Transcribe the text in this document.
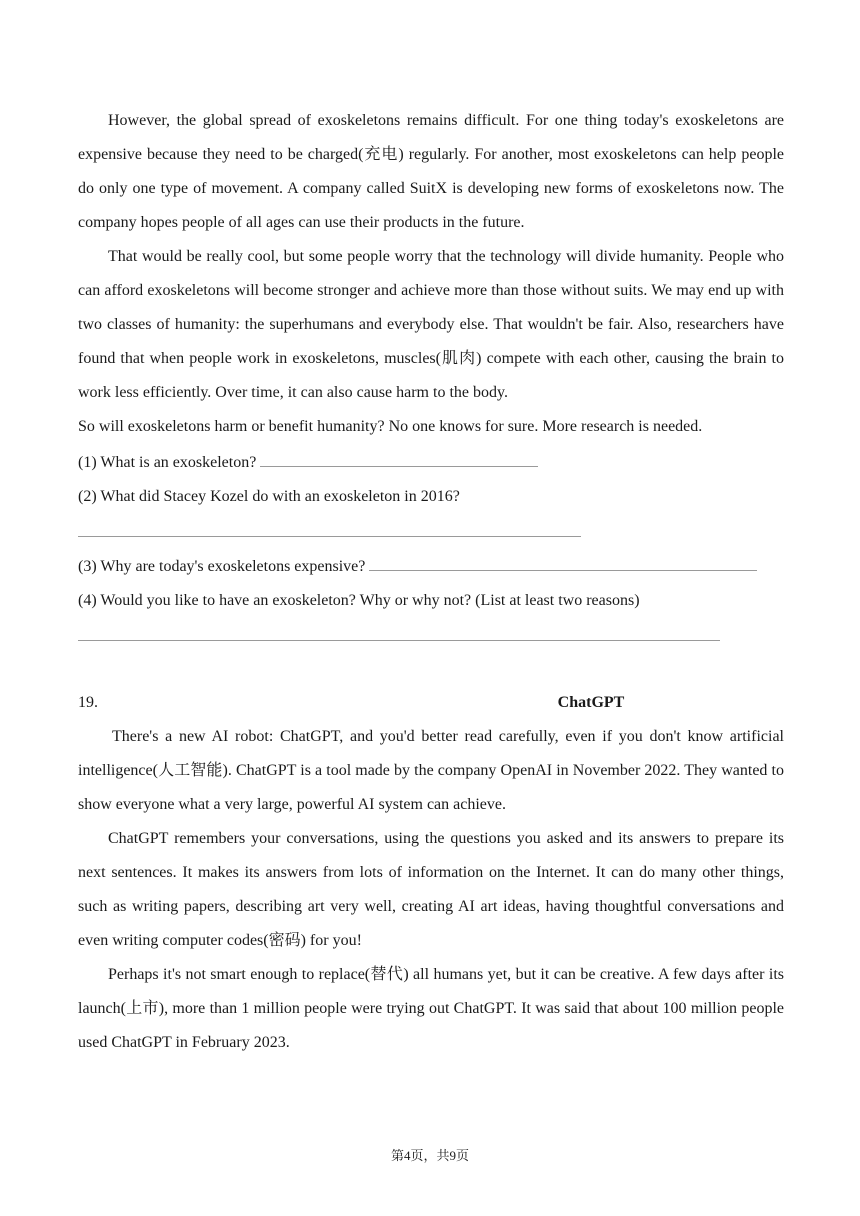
However, the global spread of exoskeletons remains difficult. For one thing today's exoskeletons are expensive because they need to be charged(充电) regularly. For another, most exoskeletons can help people do only one type of movement. A company called SuitX is developing new forms of exoskeletons now. The company hopes people of all ages can use their products in the future.

That would be really cool, but some people worry that the technology will divide humanity. People who can afford exoskeletons will become stronger and achieve more than those without suits. We may end up with two classes of humanity: the superhumans and everybody else. That wouldn't be fair. Also, researchers have found that when people work in exoskeletons, muscles(肌肉) compete with each other, causing the brain to work less efficiently. Over time, it can also cause harm to the body.

So will exoskeletons harm or benefit humanity? No one knows for sure. More research is needed.

(1) What is an exoskeleton?

(2) What did Stacey Kozel do with an exoskeleton in 2016?

(3) Why are today's exoskeletons expensive?

(4) Would you like to have an exoskeleton? Why or why not? (List at least two reasons)

19.	ChatGPT

There's a new AI robot: ChatGPT, and you'd better read carefully, even if you don't know artificial intelligence(人工智能). ChatGPT is a tool made by the company OpenAI in November 2022. They wanted to show everyone what a very large, powerful AI system can achieve.

ChatGPT remembers your conversations, using the questions you asked and its answers to prepare its next sentences. It makes its answers from lots of information on the Internet. It can do many other things, such as writing papers, describing art very well, creating AI art ideas, having thoughtful conversations and even writing computer codes(密码) for you!

Perhaps it's not smart enough to replace(替代) all humans yet, but it can be creative. A few days after its launch(上市), more than 1 million people were trying out ChatGPT. It was said that about 100 million people used ChatGPT in February 2023.

第4页，共9页
